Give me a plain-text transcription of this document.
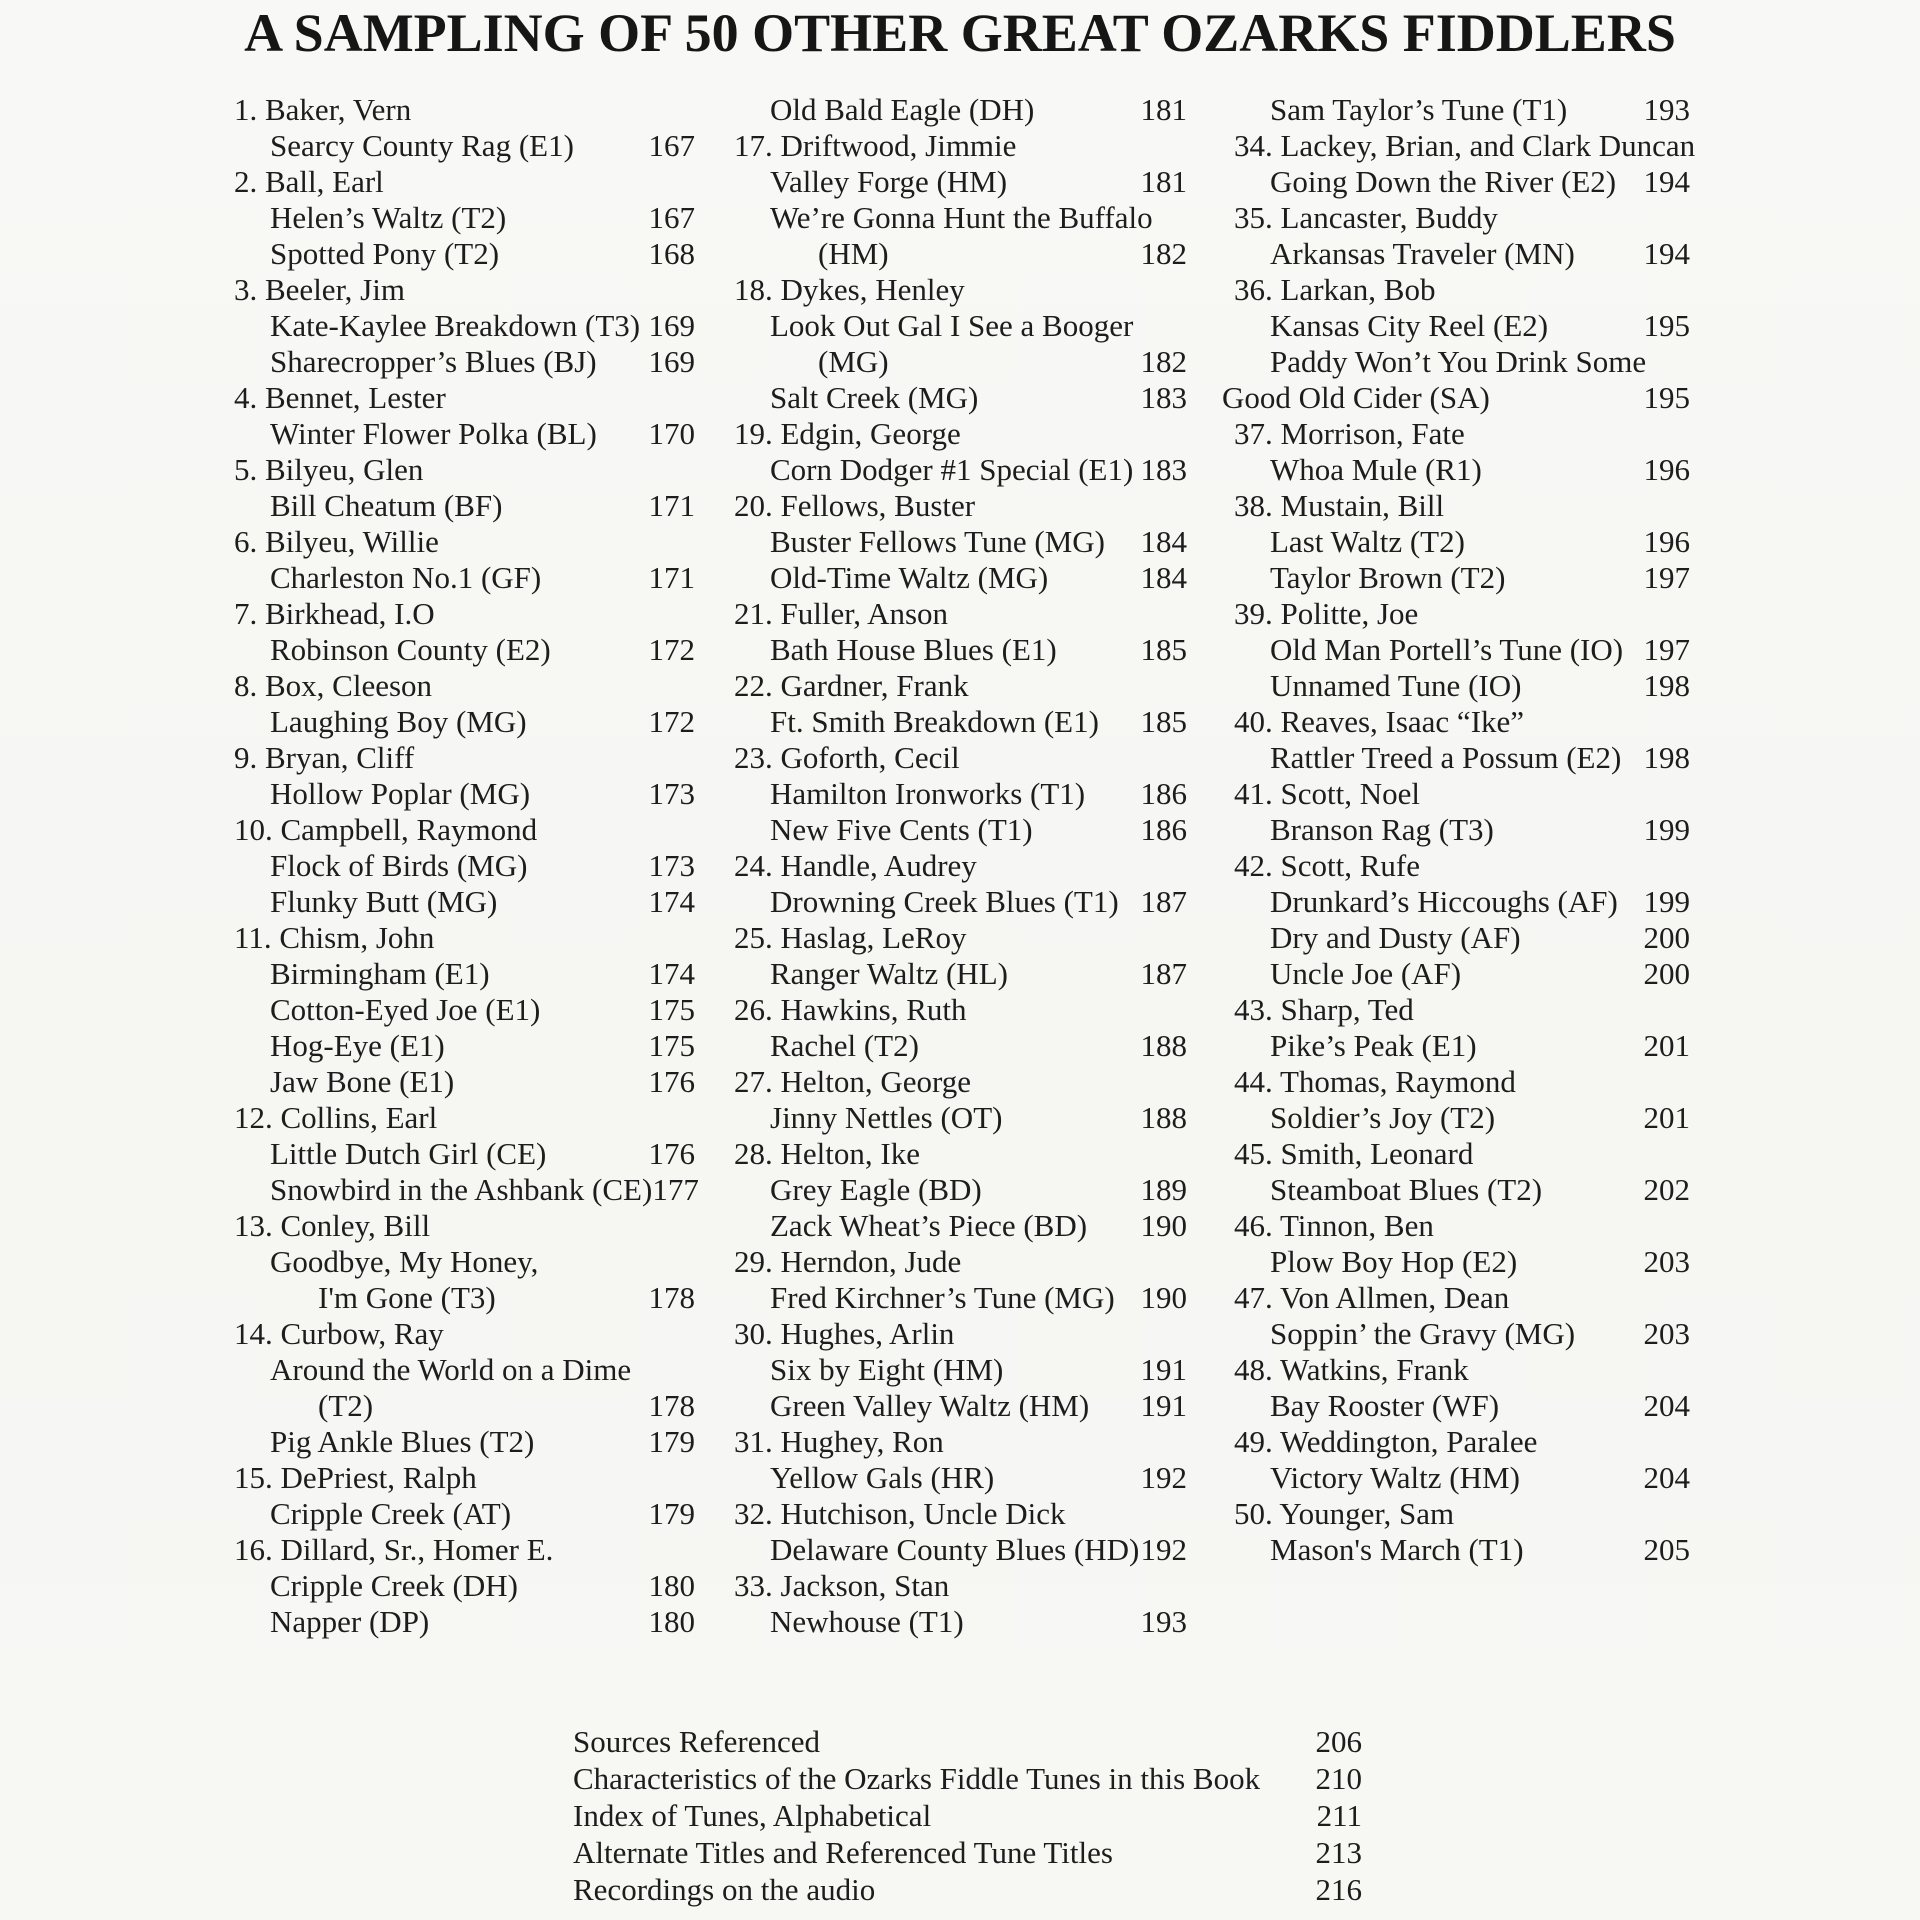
A SAMPLING OF 50 OTHER GREAT OZARKS FIDDLERS
1. Baker, Vern
Searcy County Rag (E1) 167
2. Ball, Earl
Helen’s Waltz (T2)	167
Spotted Pony (T2)	168
3. Beeler, Jim
Kate-Kaylee Breakdown (T3) 169
Sharecropper’s Blues (BJ) 169
4. Bennet, Lester
Winter Flower Polka (BL) 170
5. Bilyeu, Glen
Bill Cheatum (BF)	171
6. Bilyeu, Willie
Charleston No.1 (GF)	171
7. Birkhead, I.O
Robinson County (E2)	172
8. Box, Cleeson
Laughing Boy (MG)	172
9. Bryan, Cliff
Hollow Poplar (MG)	173
10. Campbell, Raymond
Flock of Birds (MG)	173
Flunky Butt (MG)	174
11. Chism, John
Birmingham (E1)	174
Cotton-Eyed Joe (E1)	175
Hog-Eye (E1)	175
Jaw Bone (E1)	176
12. Collins, Earl
Little Dutch Girl (CE)	176
Snowbird in the Ashbank (CE) 177
13. Conley, Bill
Goodbye, My Honey,
I'm Gone (T3)	178
14. Curbow, Ray
Around the World on a Dime
(T2)	178
Pig Ankle Blues (T2)	179
15. DePriest, Ralph
Cripple Creek (AT)	179
16. Dillard, Sr., Homer E.
Cripple Creek (DH)	180
Napper (DP)	180
Old Bald Eagle (DH)	181
17. Driftwood, Jimmie
Valley Forge (HM)	181
We’re Gonna Hunt the Buffalo
(HM)	182
18. Dykes, Henley
Look Out Gal I See a Booger
(MG)	182
Salt Creek (MG)	183
19. Edgin, George
Corn Dodger #1 Special (E1) 183
20. Fellows, Buster
Buster Fellows Tune (MG) 184
Old-Time Waltz (MG)	184
21. Fuller, Anson
Bath House Blues (E1)	185
22. Gardner, Frank
Ft. Smith Breakdown (E1) 185
23. Goforth, Cecil
Hamilton Ironworks (T1) 186
New Five Cents (T1)	186
24. Handle, Audrey
Drowning Creek Blues (T1) 187
25. Haslag, LeRoy
Ranger Waltz (HL)	187
26. Hawkins, Ruth
Rachel (T2)	188
27. Helton, George
Jinny Nettles (OT)	188
28. Helton, Ike
Grey Eagle (BD)	189
Zack Wheat’s Piece (BD) 190
29. Herndon, Jude
Fred Kirchner’s Tune (MG) 190
30. Hughes, Arlin
Six by Eight (HM)	191
Green Valley Waltz (HM) 191
31. Hughey, Ron
Yellow Gals (HR)	192
32. Hutchison, Uncle Dick
Delaware County Blues (HD) 192
33. Jackson, Stan
Newhouse (T1)	193
Sam Taylor’s Tune (T1) 193
34. Lackey, Brian, and Clark Duncan
Going Down the River (E2) 194
35. Lancaster, Buddy
Arkansas Traveler (MN) 194
36. Larkan, Bob
Kansas City Reel (E2)	195
Paddy Won’t You Drink Some
Good Old Cider (SA)	195
37. Morrison, Fate
Whoa Mule (R1)	196
38. Mustain, Bill
Last Waltz (T2)	196
Taylor Brown (T2)	197
39. Politte, Joe
Old Man Portell’s Tune (IO) 197
Unnamed Tune (IO)	198
40. Reaves, Isaac “Ike”
Rattler Treed a Possum (E2) 198
41. Scott, Noel
Branson Rag (T3)	199
42. Scott, Rufe
Drunkard’s Hiccoughs (AF) 199
Dry and Dusty (AF)	200
Uncle Joe (AF)	200
43. Sharp, Ted
Pike’s Peak (E1)	201
44. Thomas, Raymond
Soldier’s Joy (T2)	201
45. Smith, Leonard
Steamboat Blues (T2)	202
46. Tinnon, Ben
Plow Boy Hop (E2)	203
47. Von Allmen, Dean
Soppin’ the Gravy (MG) 203
48. Watkins, Frank
Bay Rooster (WF)	204
49. Weddington, Paralee
Victory Waltz (HM)	204
50. Younger, Sam
Mason's March (T1)	205
Sources Referenced	206
Characteristics of the Ozarks Fiddle Tunes in this Book 210
Index of Tunes, Alphabetical	211
Alternate Titles and Referenced Tune Titles	213
Recordings on the audio	216
